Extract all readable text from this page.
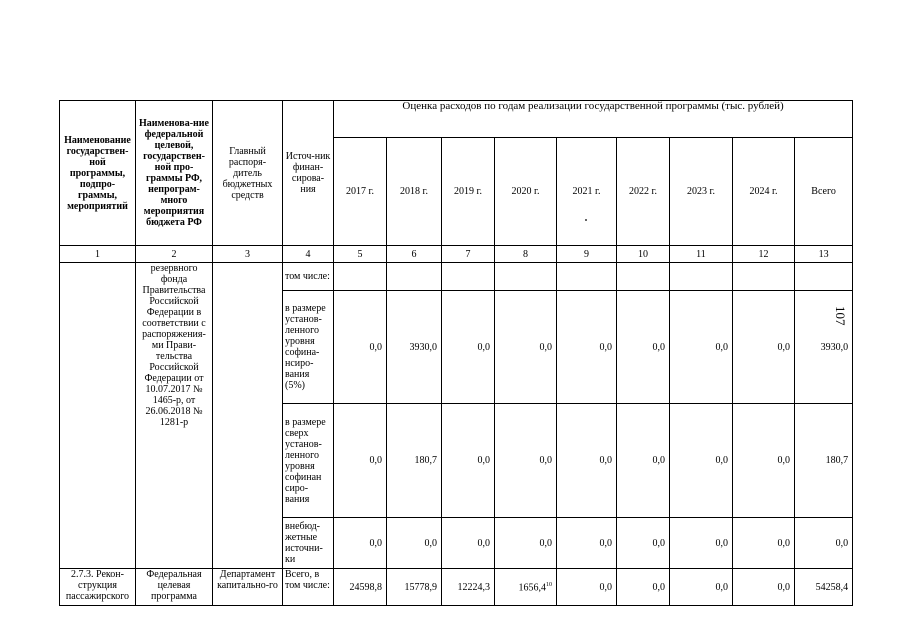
Наименование государствен-ной программы, подпро-граммы, мероприятий	Наименова-ние федеральной целевой, государствен-ной про-граммы РФ, непрограм-много мероприятия бюджета РФ	Главный распоря-дитель бюджетных средств	Источ-ник финан-сирова-ния	Оценка расходов по годам реализации государственной программы (тыс. рублей)								
				2017 г.	2018 г.	2019 г.	2020 г.	2021 г.	2022 г.	2023 г.	2024 г.	Всего
1	2	3	4	5	6	7	8	9	10	11	12	13
	резервного фонда Правительства Российской Федерации в соответствии с распоряжения-ми Прави-тельства Российской Федерации от 10.07.2017 № 1465-р, от 26.06.2018 № 1281-р		том числе:									
			в размере установ-ленного уровня софина-нсиро-вания (5%)	0,0	3930,0	0,0	0,0	0,0	0,0	0,0	0,0	3930,0
			в размере сверх установ-ленного уровня софинан сиро-вания	0,0	180,7	0,0	0,0	0,0	0,0	0,0	0,0	180,7
			внебюд-жетные источни-ки	0,0	0,0	0,0	0,0	0,0	0,0	0,0	0,0	0,0
2.7.3. Рекон-струкция пассажирского	Федеральная целевая программа	Департамент капитально-го	Всего, в том числе:	24598,8	15778,9	12224,3	1656,4$^{10}$	0,0	0,0	0,0	0,0	54258,4
107
